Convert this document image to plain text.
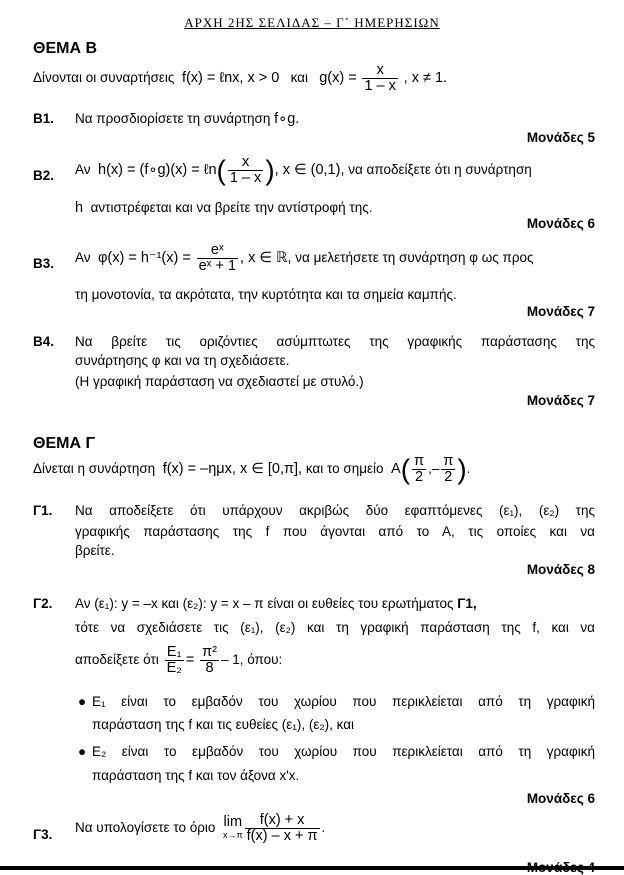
ΑΡΧΗ 2ΗΣ ΣΕΛΙΔΑΣ – Γ΄ ΗΜΕΡΗΣΙΩΝ
ΘΕΜΑ Β
Δίνονται οι συναρτήσεις f(x) = ℓnx, x > 0 και $g(x) = \frac{x}{1 - x}$ , x ≠ 1.
Β1. Να προσδιορίσετε τη συνάρτηση f∘g.
Μονάδες 5
Β2. Αν h(x) = (f∘g)(x) = ℓn( $\frac{x}{1 - x}$ ), x ∈ (0,1), να αποδείξετε ότι η συνάρτηση
h αντιστρέφεται και να βρείτε την αντίστροφή της.
Μονάδες 6
Β3. Αν $\varphi(x) = h^{-1}(x) = \frac{\text{eˣ}}{\text{eˣ + 1}}$ , x ∈ ℝ, να μελετήσετε τη συνάρτηση φ ως προς
τη μονοτονία, τα ακρότατα, την κυρτότητα και τα σημεία καμπής.
Μονάδες 7
Β4. Να βρείτε τις οριζόντιες ασύμπτωτες της γραφικής παράστασης της
συνάρτησης φ και να τη σχεδιάσετε.
(Η γραφική παράσταση να σχεδιαστεί με στυλό.)
Μονάδες 7
ΘΕΜΑ Γ
Δίνεται η συνάρτηση f(x) = –ημx, x ∈ [0,π], και το σημείο $A( \frac{\pi}{2}$ ,– $\frac{\pi}{2}$ ).
Γ1. Να αποδείξετε ότι υπάρχουν ακριβώς δύο εφαπτόμενες (ε₁), (ε₂) της
γραφικής παράστασης της f που άγονται από το Α, τις οποίες και να
βρείτε.
Μονάδες 8
Γ2. Αν (ε₁): y = –x και (ε₂): y = x – π είναι οι ευθείες του ερωτήματος Γ1,
τότε να σχεδιάσετε τις (ε₁), (ε₂) και τη γραφική παράσταση της f, και να
αποδείξετε ότι $\frac{\text{E₁}}{\text{E₂}} = \frac{\text{π²}}{8} - 1$, όπου:
● E₁ είναι το εμβαδόν του χωρίου που περικλείεται από τη γραφική
παράσταση της f και τις ευθείες (ε₁), (ε₂), και
● E₂ είναι το εμβαδόν του χωρίου που περικλείεται από τη γραφική
παράσταση της f και τον άξονα x'x.
Μονάδες 6
Γ3. Να υπολογίσετε το όριο lim
$x\to\pi \frac{f(x) + x}{f(x) - x + \pi}$ .
